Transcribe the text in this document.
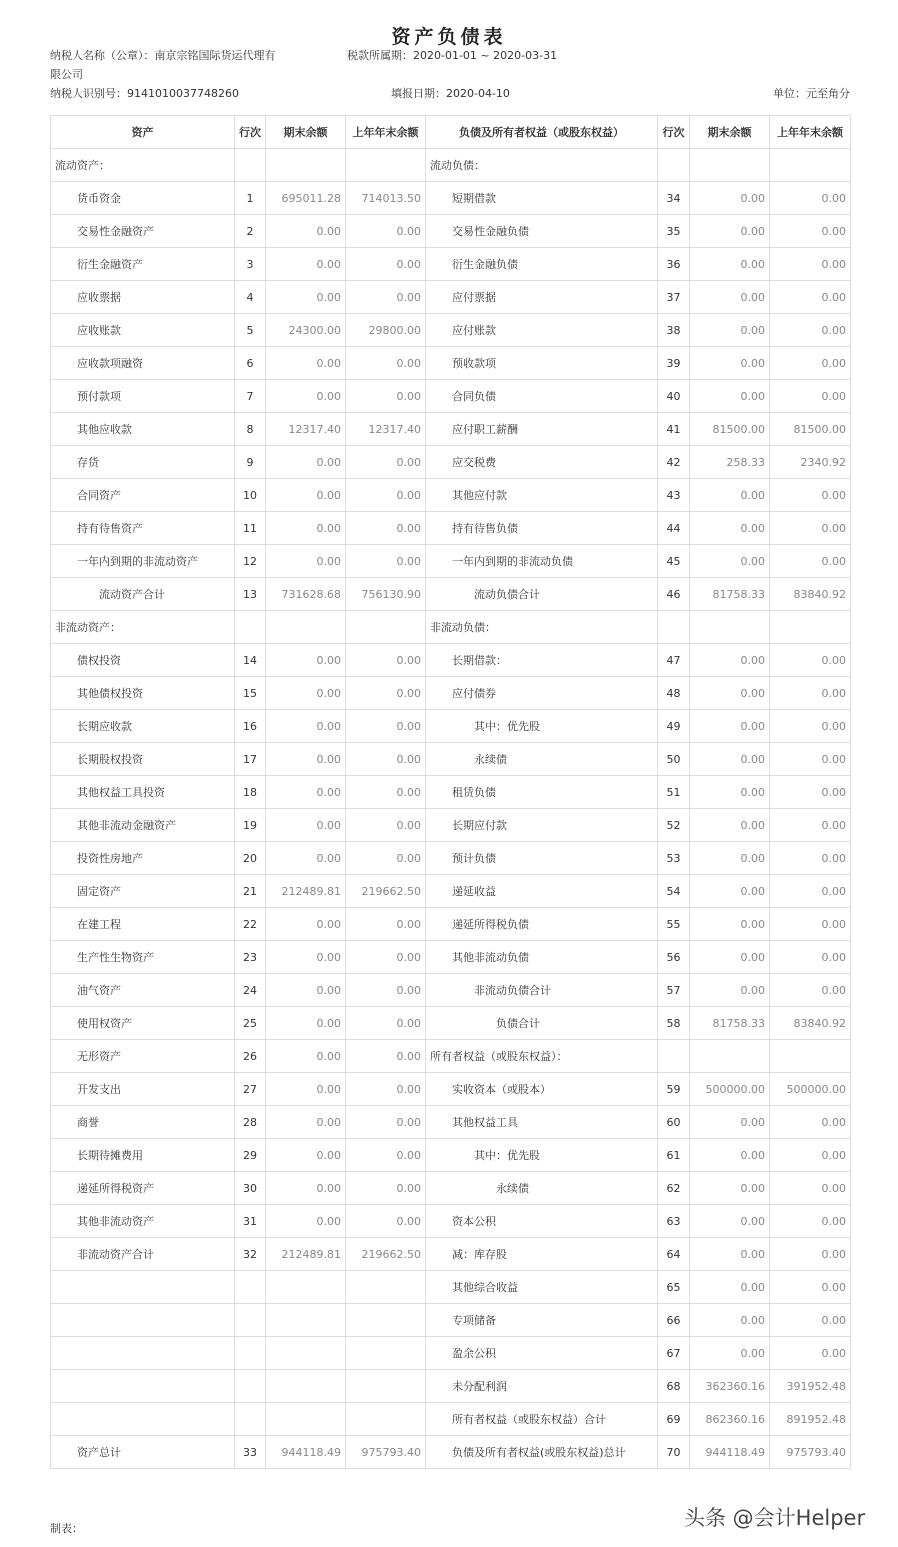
资产负债表
纳税人名称（公章）：南京宗铭国际货运代理有
限公司
税款所属期：2020-01-01 ~ 2020-03-31
纳税人识别号：9141010037748260	填报日期：2020-04-10	单位：元至角分
资产	行次	期末余额	上年年末余额	负债及所有者权益（或股东权益）	行次	期末余额	上年年末余额
流动资产：				流动负债：			
货币资金	1	695011.28	714013.50	短期借款	34	0.00	0.00
交易性金融资产	2	0.00	0.00	交易性金融负债	35	0.00	0.00
衍生金融资产	3	0.00	0.00	衍生金融负债	36	0.00	0.00
应收票据	4	0.00	0.00	应付票据	37	0.00	0.00
应收账款	5	24300.00	29800.00	应付账款	38	0.00	0.00
应收款项融资	6	0.00	0.00	预收款项	39	0.00	0.00
预付款项	7	0.00	0.00	合同负债	40	0.00	0.00
其他应收款	8	12317.40	12317.40	应付职工薪酬	41	81500.00	81500.00
存货	9	0.00	0.00	应交税费	42	258.33	2340.92
合同资产	10	0.00	0.00	其他应付款	43	0.00	0.00
持有待售资产	11	0.00	0.00	持有待售负债	44	0.00	0.00
一年内到期的非流动资产	12	0.00	0.00	一年内到期的非流动负债	45	0.00	0.00
流动资产合计	13	731628.68	756130.90	流动负债合计	46	81758.33	83840.92
非流动资产：				非流动负债：			
债权投资	14	0.00	0.00	长期借款：	47	0.00	0.00
其他债权投资	15	0.00	0.00	应付债券	48	0.00	0.00
长期应收款	16	0.00	0.00	其中：优先股	49	0.00	0.00
长期股权投资	17	0.00	0.00	永续债	50	0.00	0.00
其他权益工具投资	18	0.00	0.00	租赁负债	51	0.00	0.00
其他非流动金融资产	19	0.00	0.00	长期应付款	52	0.00	0.00
投资性房地产	20	0.00	0.00	预计负债	53	0.00	0.00
固定资产	21	212489.81	219662.50	递延收益	54	0.00	0.00
在建工程	22	0.00	0.00	递延所得税负债	55	0.00	0.00
生产性生物资产	23	0.00	0.00	其他非流动负债	56	0.00	0.00
油气资产	24	0.00	0.00	非流动负债合计	57	0.00	0.00
使用权资产	25	0.00	0.00	负债合计	58	81758.33	83840.92
无形资产	26	0.00	0.00	所有者权益（或股东权益）：			
开发支出	27	0.00	0.00	实收资本（或股本）	59	500000.00	500000.00
商誉	28	0.00	0.00	其他权益工具	60	0.00	0.00
长期待摊费用	29	0.00	0.00	其中：优先股	61	0.00	0.00
递延所得税资产	30	0.00	0.00	永续债	62	0.00	0.00
其他非流动资产	31	0.00	0.00	资本公积	63	0.00	0.00
非流动资产合计	32	212489.81	219662.50	减：库存股	64	0.00	0.00
				其他综合收益	65	0.00	0.00
				专项储备	66	0.00	0.00
				盈余公积	67	0.00	0.00
				未分配利润	68	362360.16	391952.48
				所有者权益（或股东权益）合计	69	862360.16	891952.48
资产总计	33	944118.49	975793.40	负债及所有者权益(或股东权益)总计	70	944118.49	975793.40
制表：	头条 @会计Helper
